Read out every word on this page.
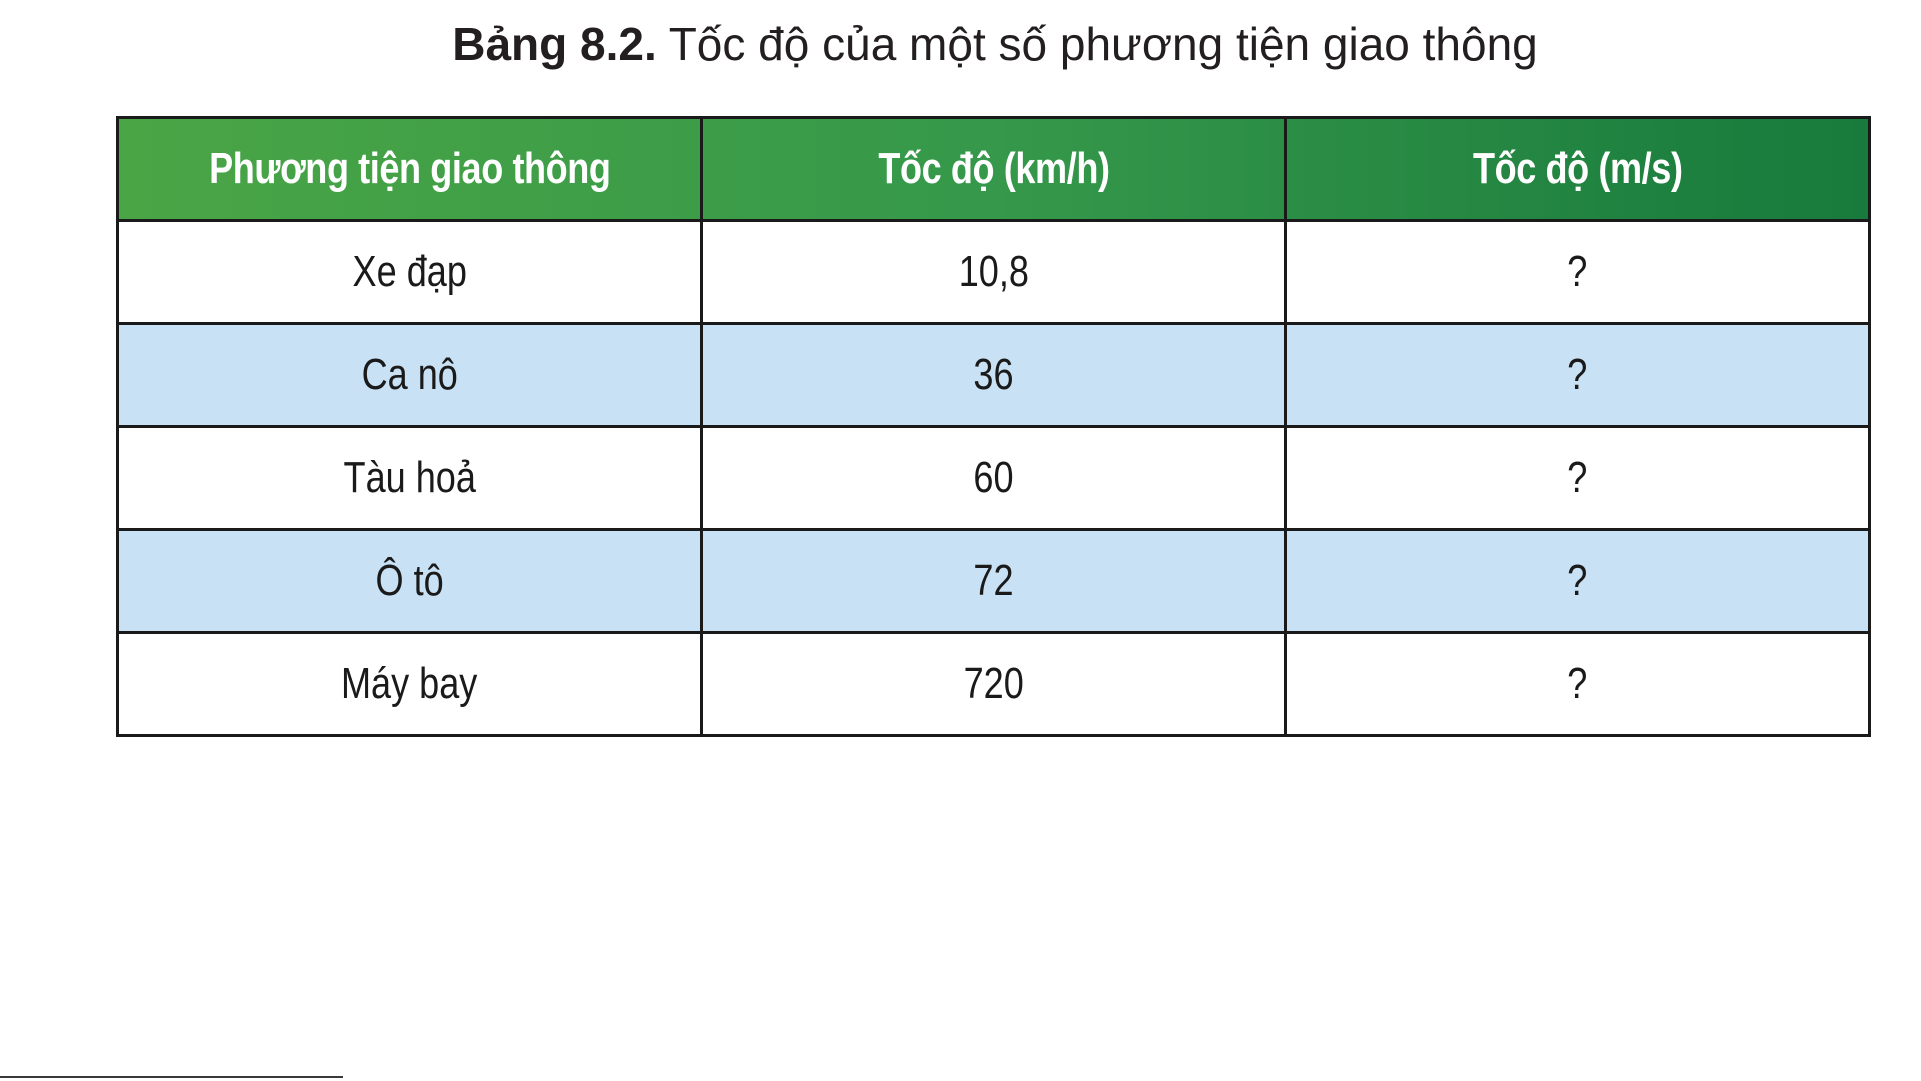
Bảng 8.2. Tốc độ của một số phương tiện giao thông
Phương tiện giao thông	Tốc độ (km/h)	Tốc độ (m/s)
Xe đạp	10,8	?
Ca nô	36	?
Tàu hoả	60	?
Ô tô	72	?
Máy bay	720	?
